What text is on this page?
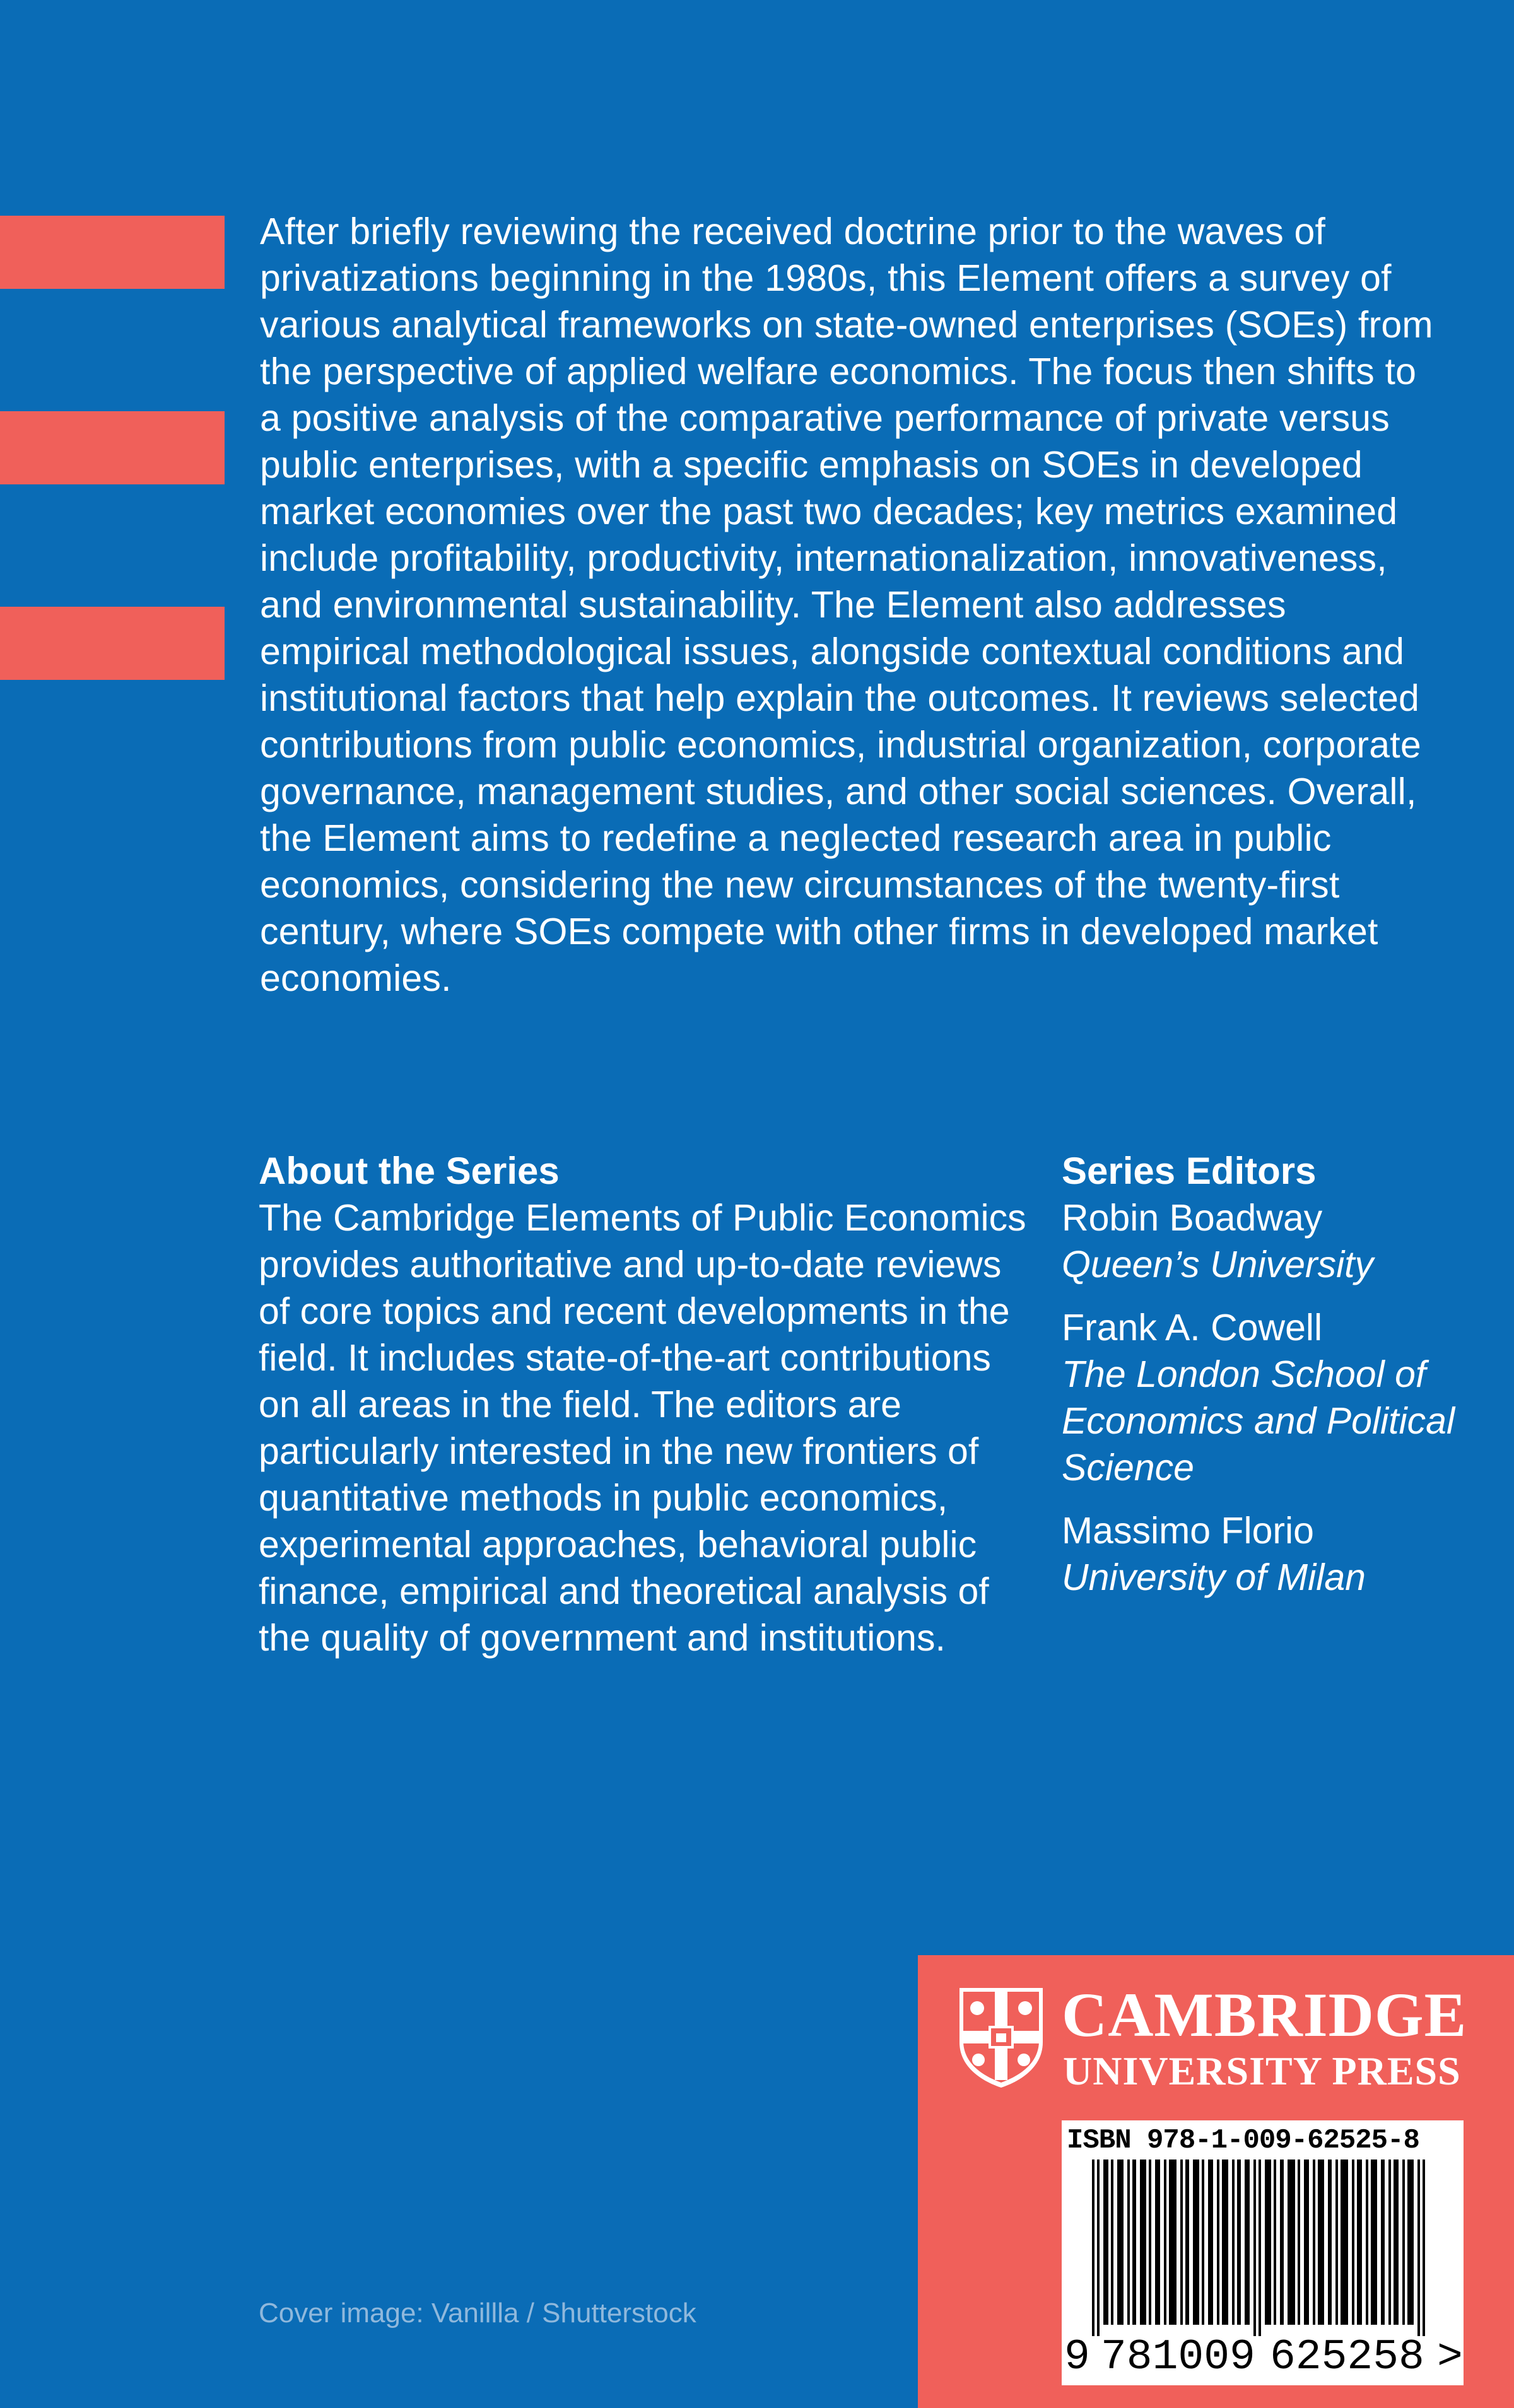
After briefly reviewing the received doctrine prior to the waves of privatizations beginning in the 1980s, this Element offers a survey of various analytical frameworks on state-owned enterprises (SOEs) from the perspective of applied welfare economics. The focus then shifts to a positive analysis of the comparative performance of private versus public enterprises, with a specific emphasis on SOEs in developed market economies over the past two decades; key metrics examined include profitability, productivity, internationalization, innovativeness, and environmental sustainability. The Element also addresses empirical methodological issues, alongside contextual conditions and institutional factors that help explain the outcomes. It reviews selected contributions from public economics, industrial organization, corporate governance, management studies, and other social sciences. Overall, the Element aims to redefine a neglected research area in public economics, considering the new circumstances of the twenty-first century, where SOEs compete with other firms in developed market economies.

About the Series

The Cambridge Elements of Public Economics provides authoritative and up-to-date reviews of core topics and recent developments in the field. It includes state-of-the-art contributions on all areas in the field. The editors are particularly interested in the new frontiers of quantitative methods in public economics, experimental approaches, behavioral public finance, empirical and theoretical analysis of the quality of government and institutions.

Series Editors

Robin Boadway

Queen’s University

Frank A. Cowell

The London School of Economics and Political Science

Massimo Florio

University of Milan

Cover image: Vanillla / Shutterstock
CAMBRIDGE
UNIVERSITY PRESS
ISBN 978-1-009-62525-8
9 781009 625258 >
